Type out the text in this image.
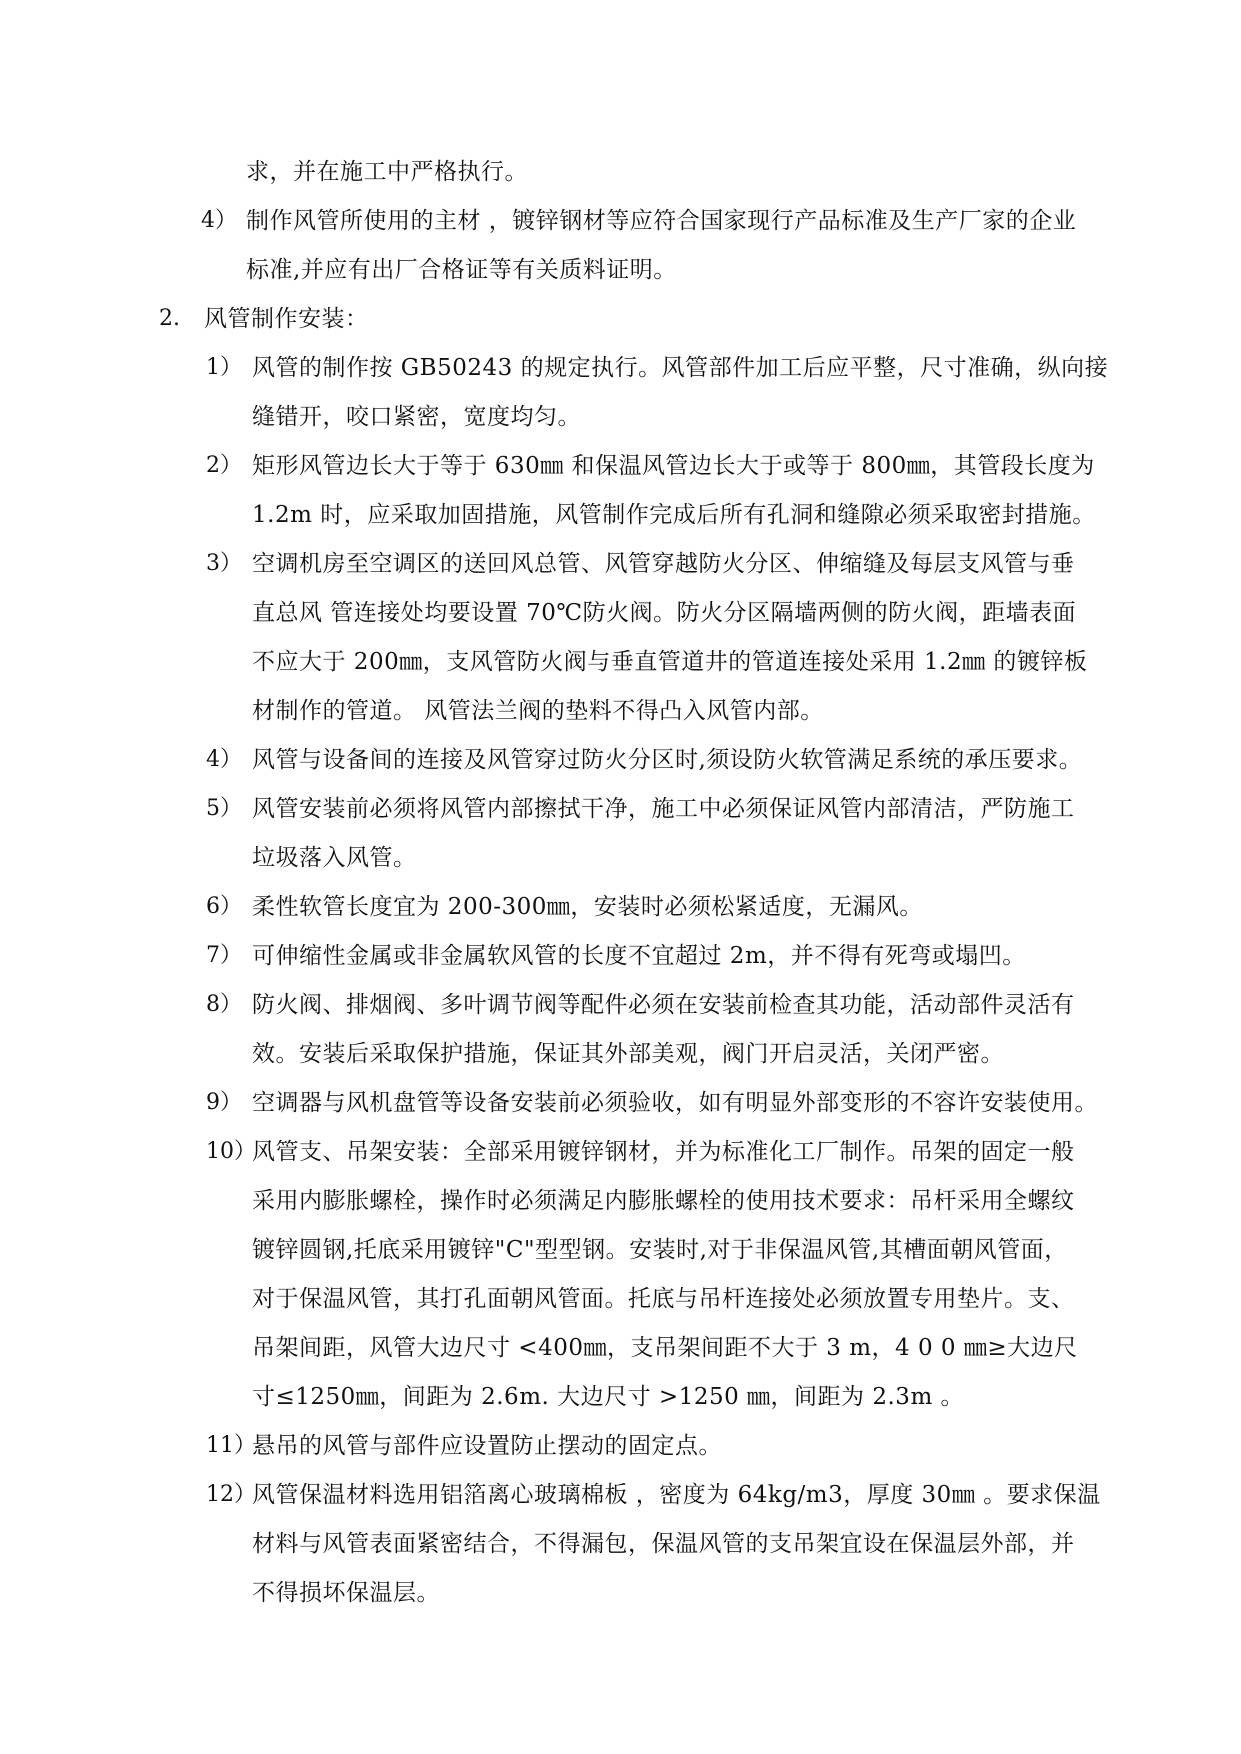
求，并在施工中严格执行。
4） 制作风管所使用的主材 ，镀锌钢材等应符合国家现行产品标准及生产厂家的企业
标准,并应有出厂合格证等有关质料证明。
2. 风管制作安装：
1） 风管的制作按 GB50243 的规定执行。风管部件加工后应平整，尺寸准确，纵向接
缝错开，咬口紧密，宽度均匀。
2） 矩形风管边长大于等于 630㎜ 和保温风管边长大于或等于 800㎜，其管段长度为
1.2m 时，应采取加固措施，风管制作完成后所有孔洞和缝隙必须采取密封措施。
3） 空调机房至空调区的送回风总管、风管穿越防火分区、伸缩缝及每层支风管与垂
直总风 管连接处均要设置 70℃防火阀。防火分区隔墙两侧的防火阀，距墙表面
不应大于 200㎜，支风管防火阀与垂直管道井的管道连接处采用 1.2㎜ 的镀锌板
材制作的管道。 风管法兰阀的垫料不得凸入风管内部。
4） 风管与设备间的连接及风管穿过防火分区时,须设防火软管满足系统的承压要求。
5） 风管安装前必须将风管内部擦拭干净，施工中必须保证风管内部清洁，严防施工
垃圾落入风管。
6） 柔性软管长度宜为 200-300㎜，安装时必须松紧适度，无漏风。
7） 可伸缩性金属或非金属软风管的长度不宜超过 2m，并不得有死弯或塌凹。
8） 防火阀、排烟阀、多叶调节阀等配件必须在安装前检查其功能，活动部件灵活有
效。安装后采取保护措施，保证其外部美观，阀门开启灵活，关闭严密。
9） 空调器与风机盘管等设备安装前必须验收，如有明显外部变形的不容许安装使用。
10）
风管支、吊架安装：全部采用镀锌钢材，并为标准化工厂制作。吊架的固定一般
采用内膨胀螺栓，操作时必须满足内膨胀螺栓的使用技术要求：吊杆采用全螺纹
镀锌圆钢,托底采用镀锌"C"型型钢。安装时,对于非保温风管,其槽面朝风管面，
对于保温风管，其打孔面朝风管面。托底与吊杆连接处必须放置专用垫片。支、
吊架间距，风管大边尺寸 <400㎜，支吊架间距不大于 3 m，4 0 0 ㎜≥大边尺
寸≤1250㎜，间距为 2.6m. 大边尺寸 >1250 ㎜，间距为 2.3m 。
11）
悬吊的风管与部件应设置防止摆动的固定点。
12）
风管保温材料选用铝箔离心玻璃棉板 ，密度为 64kg/m3，厚度 30㎜ 。要求保温
材料与风管表面紧密结合，不得漏包，保温风管的支吊架宜设在保温层外部，并
不得损坏保温层。
